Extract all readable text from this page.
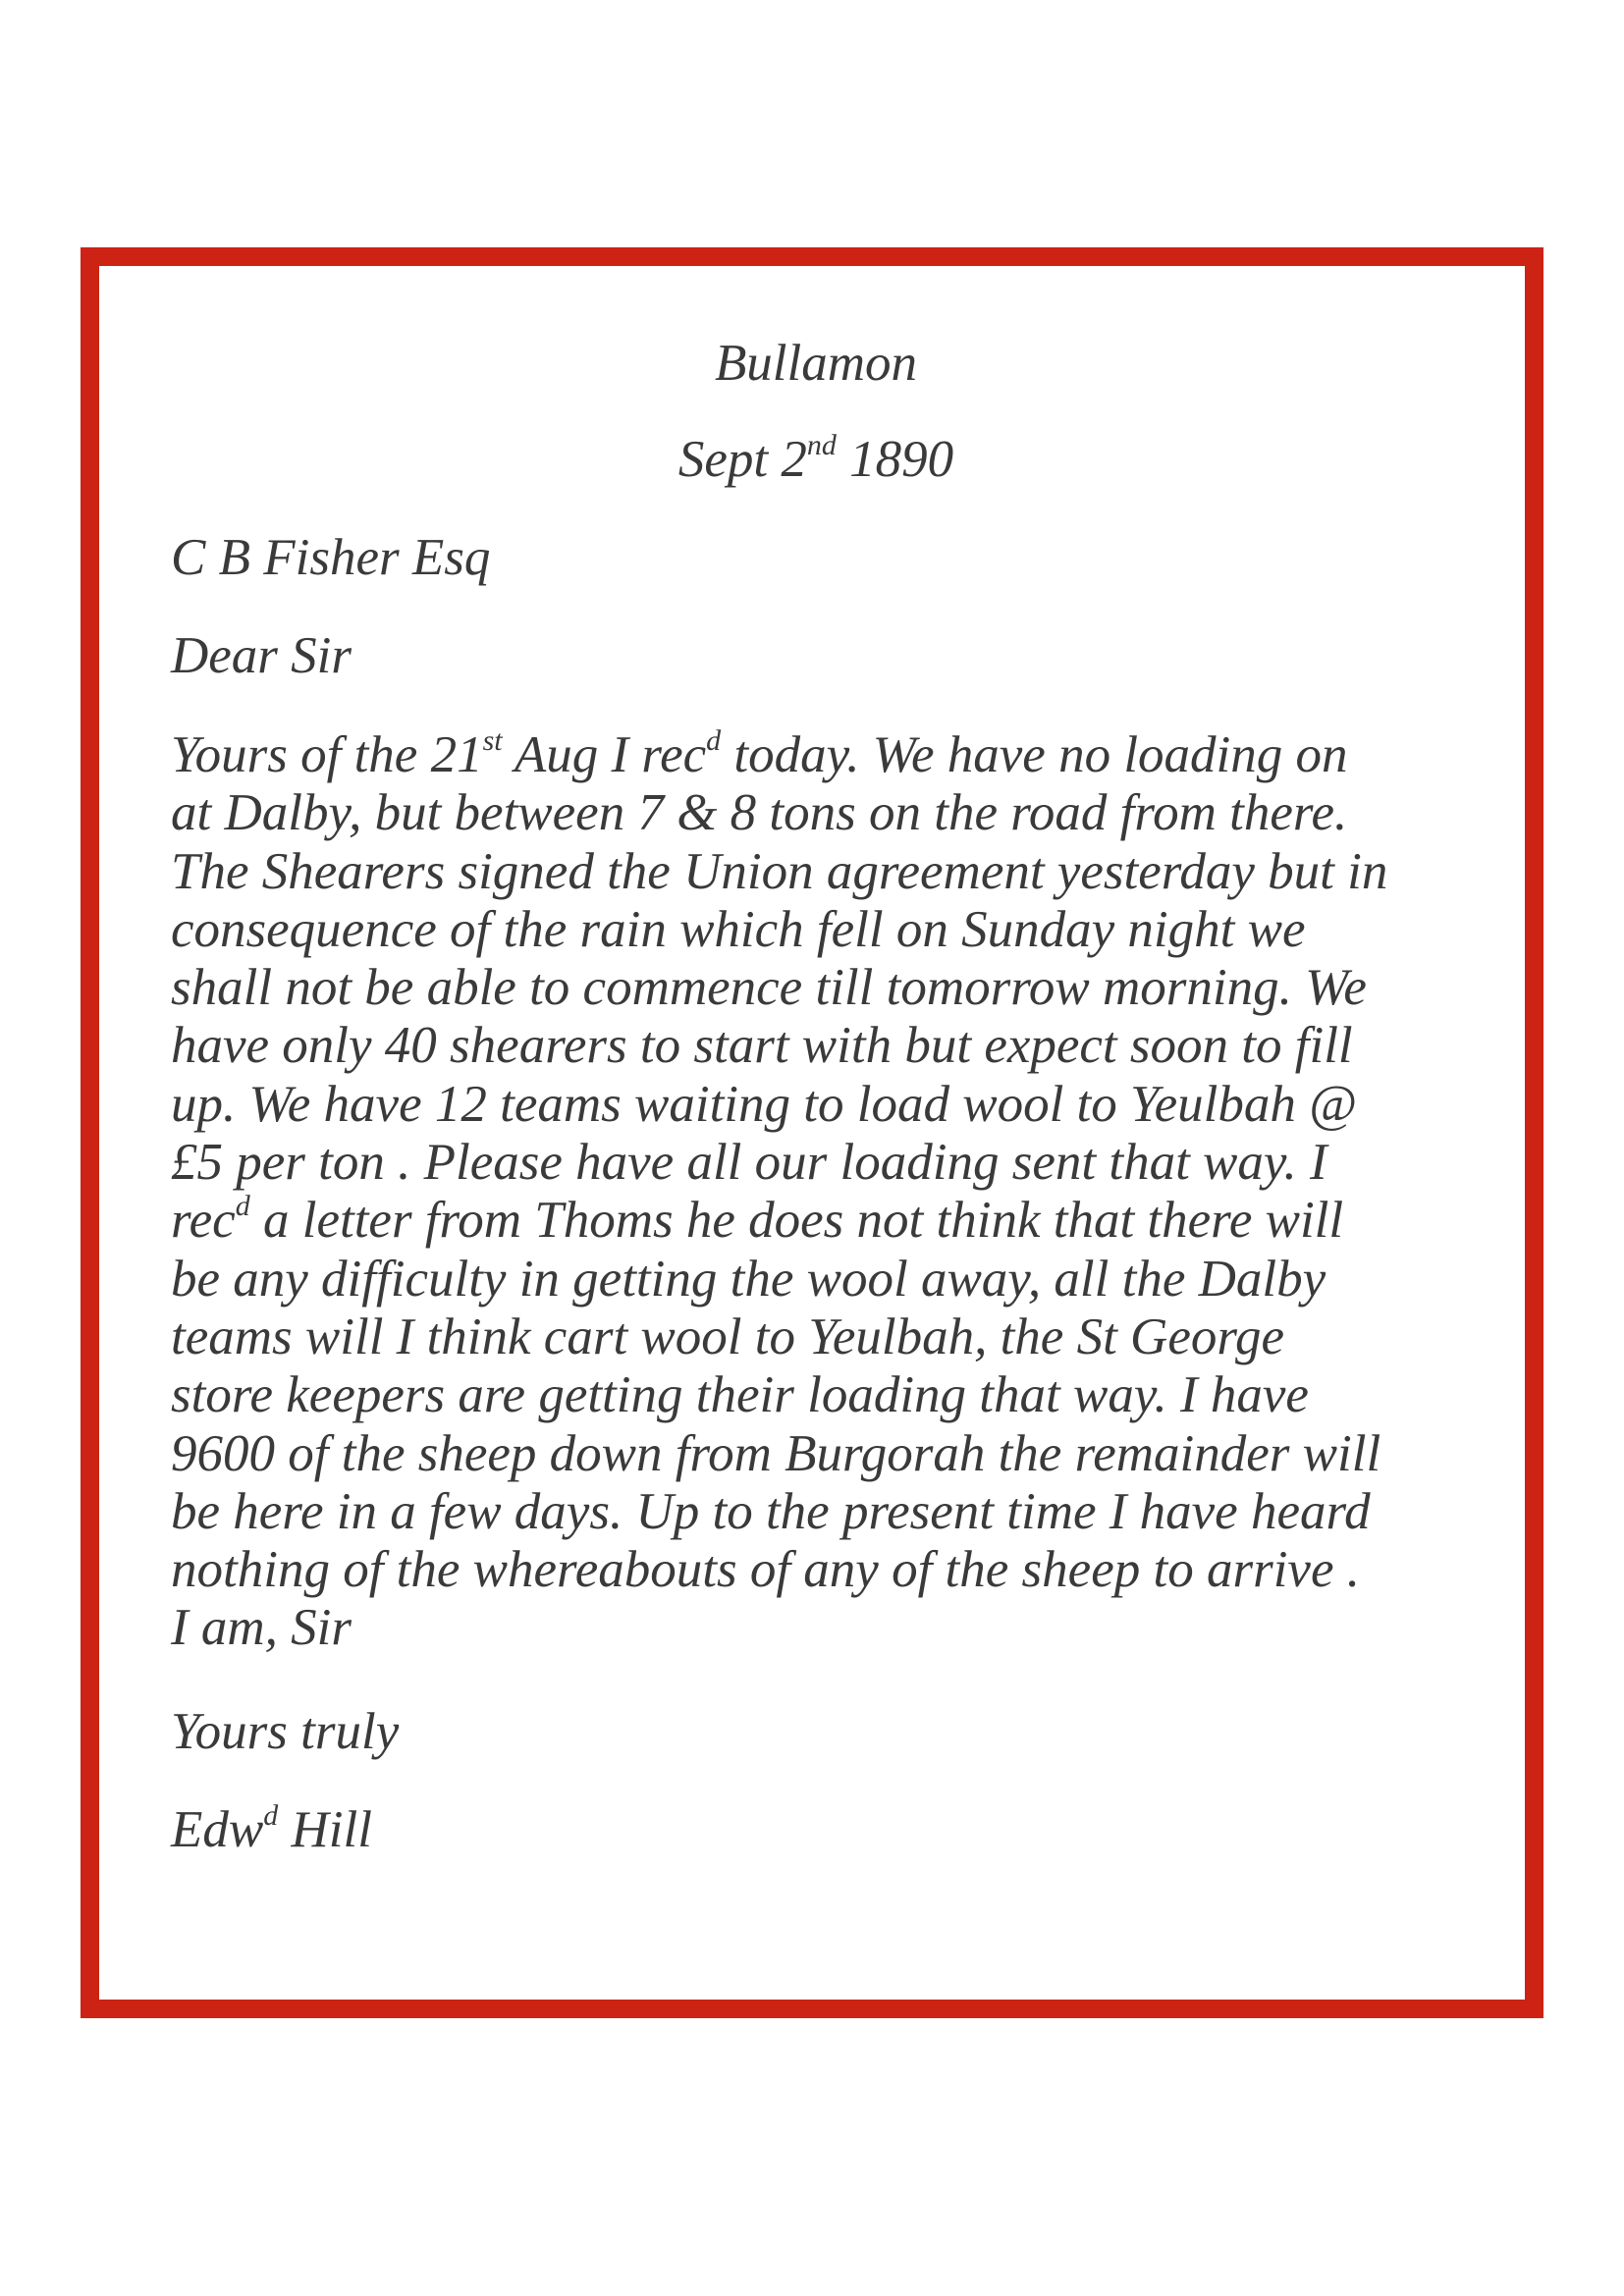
Bullamon
Sept 2nd 1890
C B Fisher Esq
Dear Sir

Yours of the 21st Aug I rec$^d$ today. We have no loading on
at Dalby, but between 7 & 8 tons on the road from there.
The Shearers signed the Union agreement yesterday but in
consequence of the rain which fell on Sunday night we
shall not be able to commence till tomorrow morning. We
have only 40 shearers to start with but expect soon to fill
up. We have 12 teams waiting to load wool to Yeulbah @
£5 per ton . Please have all our loading sent that way. I
rec$^d$ a letter from Thoms he does not think that there will
be any difficulty in getting the wool away, all the Dalby
teams will I think cart wool to Yeulbah, the St George
store keepers are getting their loading that way. I have
9600 of the sheep down from Burgorah the remainder will
be here in a few days. Up to the present time I have heard
nothing of the whereabouts of any of the sheep to arrive .
I am, Sir

Yours truly
Edw$^d$ Hill
